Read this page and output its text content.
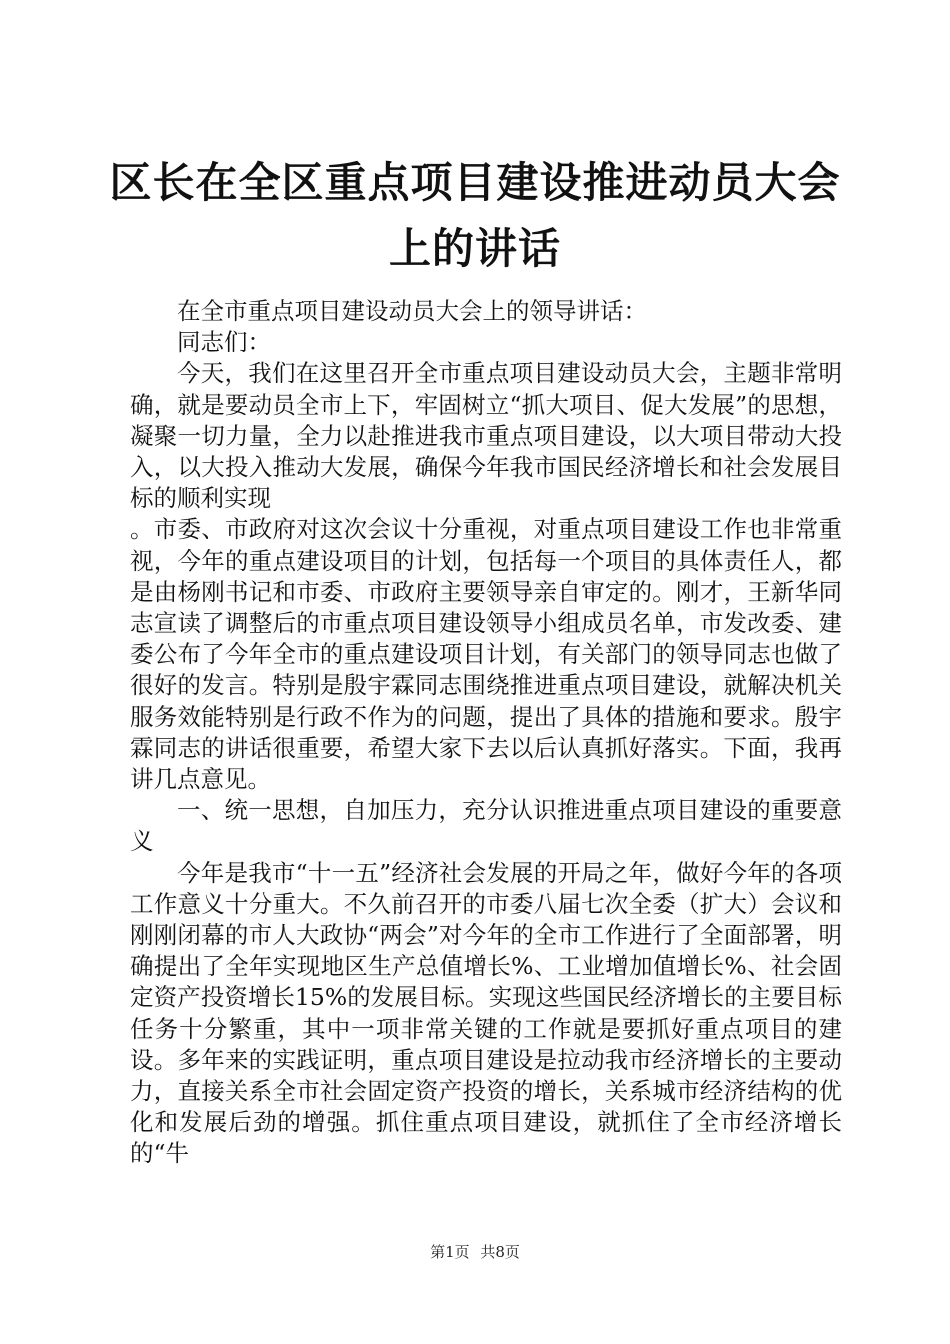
区长在全区重点项目建设推进动员大会上的讲话

在全市重点项目建设动员大会上的领导讲话：

同志们：

今天，我们在这里召开全市重点项目建设动员大会，主题非常明确，就是要动员全市上下，牢固树立“抓大项目、促大发展”的思想，凝聚一切力量，全力以赴推进我市重点项目建设，以大项目带动大投入，以大投入推动大发展，确保今年我市国民经济增长和社会发展目标的顺利实现

。市委、市政府对这次会议十分重视，对重点项目建设工作也非常重视，今年的重点建设项目的计划，包括每一个项目的具体责任人，都是由杨刚书记和市委、市政府主要领导亲自审定的。刚才，王新华同志宣读了调整后的市重点项目建设领导小组成员名单，市发改委、建委公布了今年全市的重点建设项目计划，有关部门的领导同志也做了很好的发言。特别是殷宇霖同志围绕推进重点项目建设，就解决机关服务效能特别是行政不作为的问题，提出了具体的措施和要求。殷宇霖同志的讲话很重要，希望大家下去以后认真抓好落实。下面，我再讲几点意见。

一、统一思想，自加压力，充分认识推进重点项目建设的重要意义

今年是我市“十一五”经济社会发展的开局之年，做好今年的各项工作意义十分重大。不久前召开的市委八届七次全委（扩大）会议和刚刚闭幕的市人大政协“两会”对今年的全市工作进行了全面部署，明确提出了全年实现地区生产总值增长%、工业增加值增长%、社会固定资产投资增长15%的发展目标。实现这些国民经济增长的主要目标任务十分繁重，其中一项非常关键的工作就是要抓好重点项目的建设。多年来的实践证明，重点项目建设是拉动我市经济增长的主要动力，直接关系全市社会固定资产投资的增长，关系城市经济结构的优化和发展后劲的增强。抓住重点项目建设，就抓住了全市经济增长的“牛

第1页 共8页
